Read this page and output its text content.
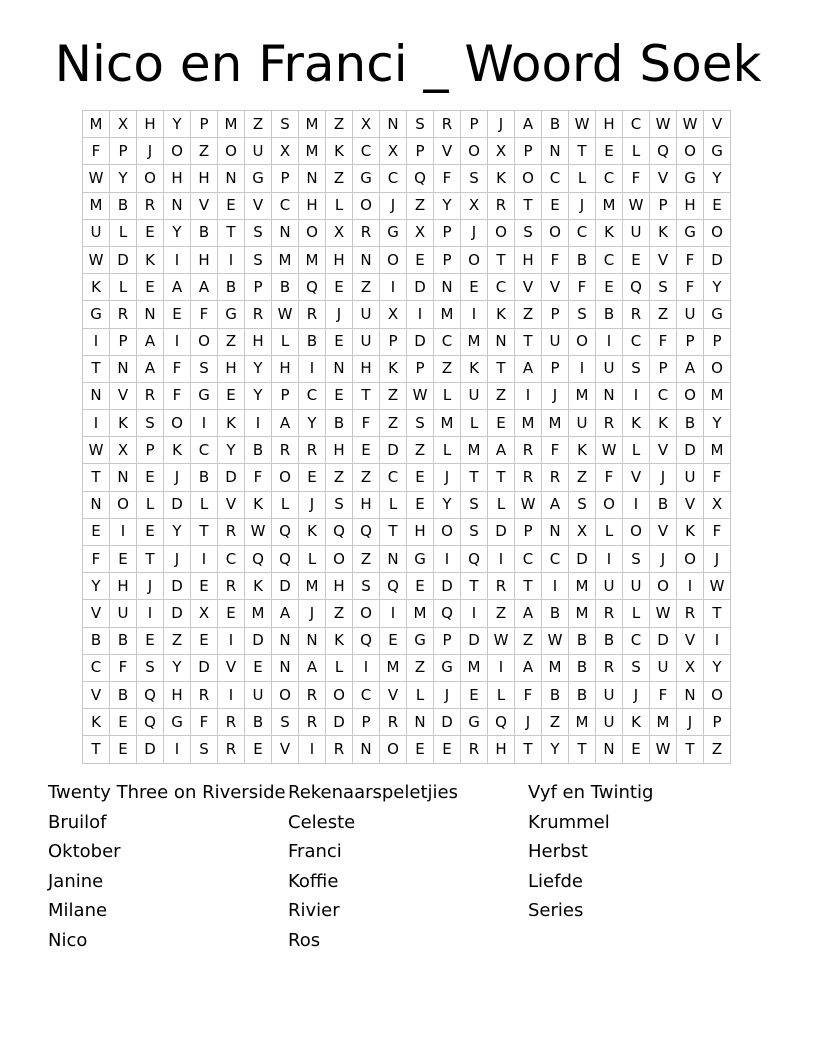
Nico en Franci _ Woord Soek
M	X	H	Y	P	M	Z	S	M	Z	X	N	S	R	P	J	A	B	W	H	C	W	W	V
F	P	J	O	Z	O	U	X	M	K	C	X	P	V	O	X	P	N	T	E	L	Q	O	G
W	Y	O	H	H	N	G	P	N	Z	G	C	Q	F	S	K	O	C	L	C	F	V	G	Y
M	B	R	N	V	E	V	C	H	L	O	J	Z	Y	X	R	T	E	J	M	W	P	H	E
U	L	E	Y	B	T	S	N	O	X	R	G	X	P	J	O	S	O	C	K	U	K	G	O
W	D	K	I	H	I	S	M	M	H	N	O	E	P	O	T	H	F	B	C	E	V	F	D
K	L	E	A	A	B	P	B	Q	E	Z	I	D	N	E	C	V	V	F	E	Q	S	F	Y
G	R	N	E	F	G	R	W	R	J	U	X	I	M	I	K	Z	P	S	B	R	Z	U	G
I	P	A	I	O	Z	H	L	B	E	U	P	D	C	M	N	T	U	O	I	C	F	P	P
T	N	A	F	S	H	Y	H	I	N	H	K	P	Z	K	T	A	P	I	U	S	P	A	O
N	V	R	F	G	E	Y	P	C	E	T	Z	W	L	U	Z	I	J	M	N	I	C	O	M
I	K	S	O	I	K	I	A	Y	B	F	Z	S	M	L	E	M	M	U	R	K	K	B	Y
W	X	P	K	C	Y	B	R	R	H	E	D	Z	L	M	A	R	F	K	W	L	V	D	M
T	N	E	J	B	D	F	O	E	Z	Z	C	E	J	T	T	R	R	Z	F	V	J	U	F
N	O	L	D	L	V	K	L	J	S	H	L	E	Y	S	L	W	A	S	O	I	B	V	X
E	I	E	Y	T	R	W	Q	K	Q	Q	T	H	O	S	D	P	N	X	L	O	V	K	F
F	E	T	J	I	C	Q	Q	L	O	Z	N	G	I	Q	I	C	C	D	I	S	J	O	J
Y	H	J	D	E	R	K	D	M	H	S	Q	E	D	T	R	T	I	M	U	U	O	I	W
V	U	I	D	X	E	M	A	J	Z	O	I	M	Q	I	Z	A	B	M	R	L	W	R	T
B	B	E	Z	E	I	D	N	N	K	Q	E	G	P	D	W	Z	W	B	B	C	D	V	I
C	F	S	Y	D	V	E	N	A	L	I	M	Z	G	M	I	A	M	B	R	S	U	X	Y
V	B	Q	H	R	I	U	O	R	O	C	V	L	J	E	L	F	B	B	U	J	F	N	O
K	E	Q	G	F	R	B	S	R	D	P	R	N	D	G	Q	J	Z	M	U	K	M	J	P
T	E	D	I	S	R	E	V	I	R	N	O	E	E	R	H	T	Y	T	N	E	W	T	Z
Twenty Three on Riverside
Bruilof
Oktober
Janine
Milane
Nico
Rekenaarspeletjies
Celeste
Franci
Koffie
Rivier
Ros
Vyf en Twintig
Krummel
Herbst
Liefde
Series
